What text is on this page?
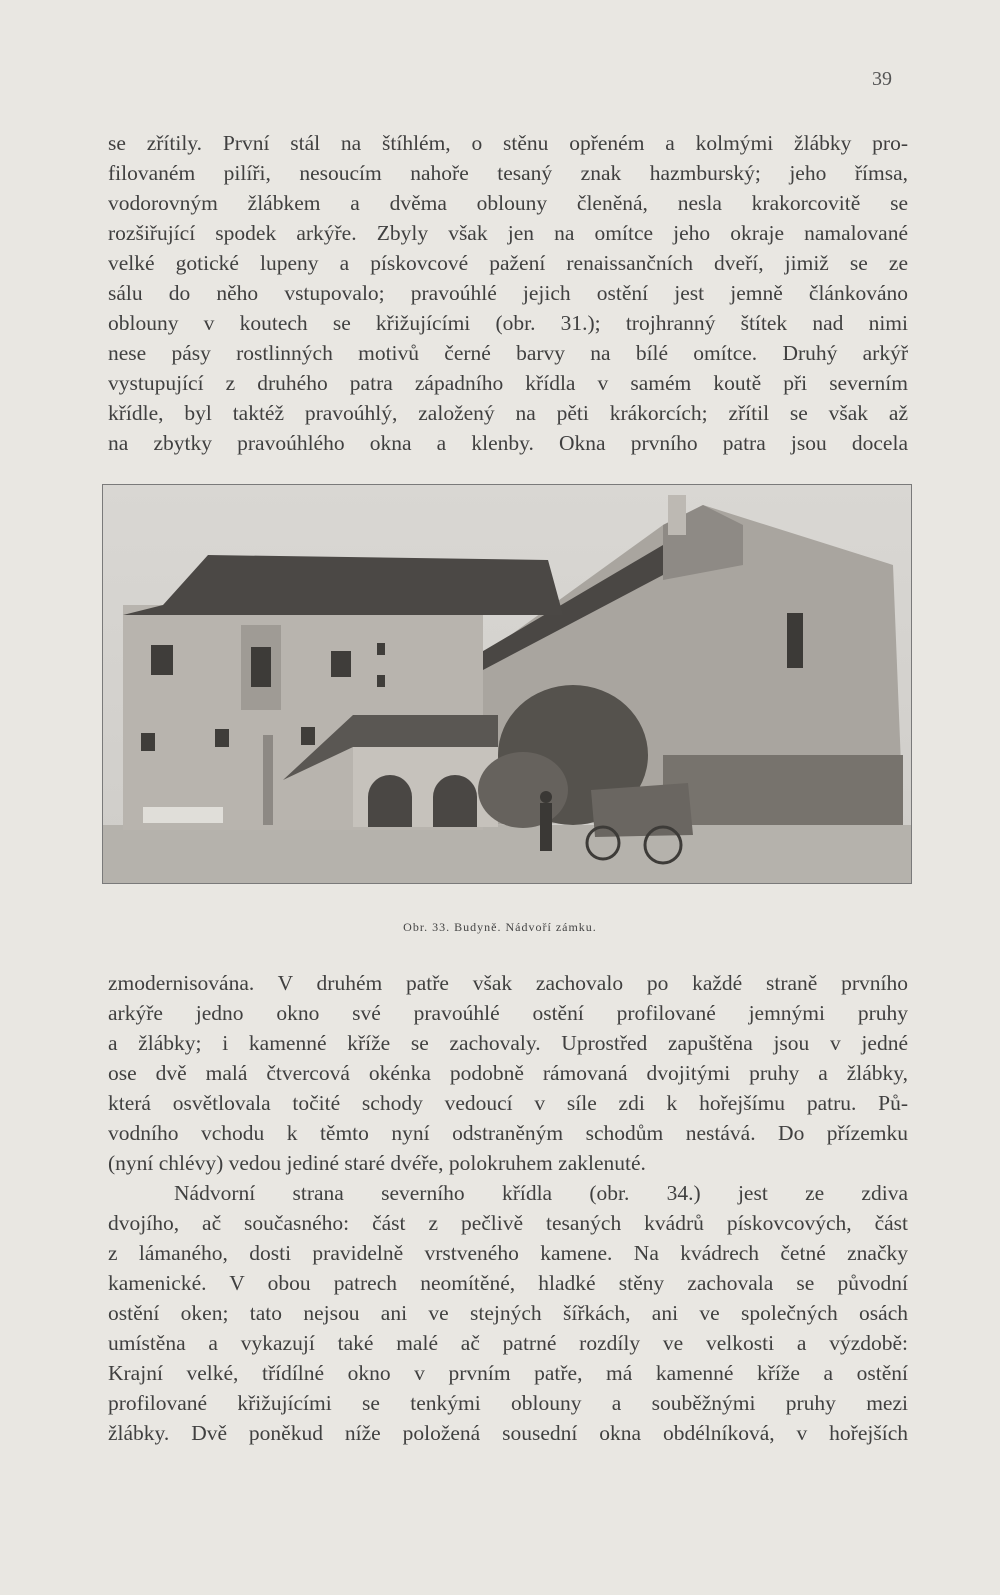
39
se zřítily. První stál na štíhlém, o stěnu opřeném a kolmými žlábky pro-
filovaném pilíři, nesoucím nahoře tesaný znak hazmburský; jeho římsa,
vodorovným žlábkem a dvěma oblouny členěná, nesla krakorcovitě se
rozšiřující spodek arkýře. Zbyly však jen na omítce jeho okraje namalované
velké gotické lupeny a pískovcové pažení renaissančních dveří, jimiž se ze
sálu do něho vstupovalo; pravoúhlé jejich ostění jest jemně článkováno
oblouny v koutech se křižujícími (obr. 31.); trojhranný štítek nad nimi
nese pásy rostlinných motivů černé barvy na bílé omítce. Druhý arkýř
vystupující z druhého patra západního křídla v samém koutě při severním
křídle, byl taktéž pravoúhlý, založený na pěti krákorcích; zřítil se však až
na zbytky pravoúhlého okna a klenby. Okna prvního patra jsou docela
Obr. 33. Budyně. Nádvoří zámku.
zmodernisována. V druhém patře však zachovalo po každé straně prvního
arkýře jedno okno své pravoúhlé ostění profilované jemnými pruhy
a žlábky; i kamenné kříže se zachovaly. Uprostřed zapuštěna jsou v jedné
ose dvě malá čtvercová okénka podobně rámovaná dvojitými pruhy a žlábky,
která osvětlovala točité schody vedoucí v síle zdi k hořejšímu patru. Pů-
vodního vchodu k těmto nyní odstraněným schodům nestává. Do přízemku
(nyní chlévy) vedou jediné staré dvéře, polokruhem zaklenuté.
Nádvorní strana severního křídla (obr. 34.) jest ze zdiva
dvojího, ač současného: část z pečlivě tesaných kvádrů pískovcových, část
z lámaného, dosti pravidelně vrstveného kamene. Na kvádrech četné značky
kamenické. V obou patrech neomítěné, hladké stěny zachovala se původní
ostění oken; tato nejsou ani ve stejných šířkách, ani ve společných osách
umístěna a vykazují také malé ač patrné rozdíly ve velkosti a výzdobě:
Krajní velké, třídílné okno v prvním patře, má kamenné kříže a ostění
profilované křižujícími se tenkými oblouny a souběžnými pruhy mezi
žlábky. Dvě poněkud níže položená sousední okna obdélníková, v hořejších
